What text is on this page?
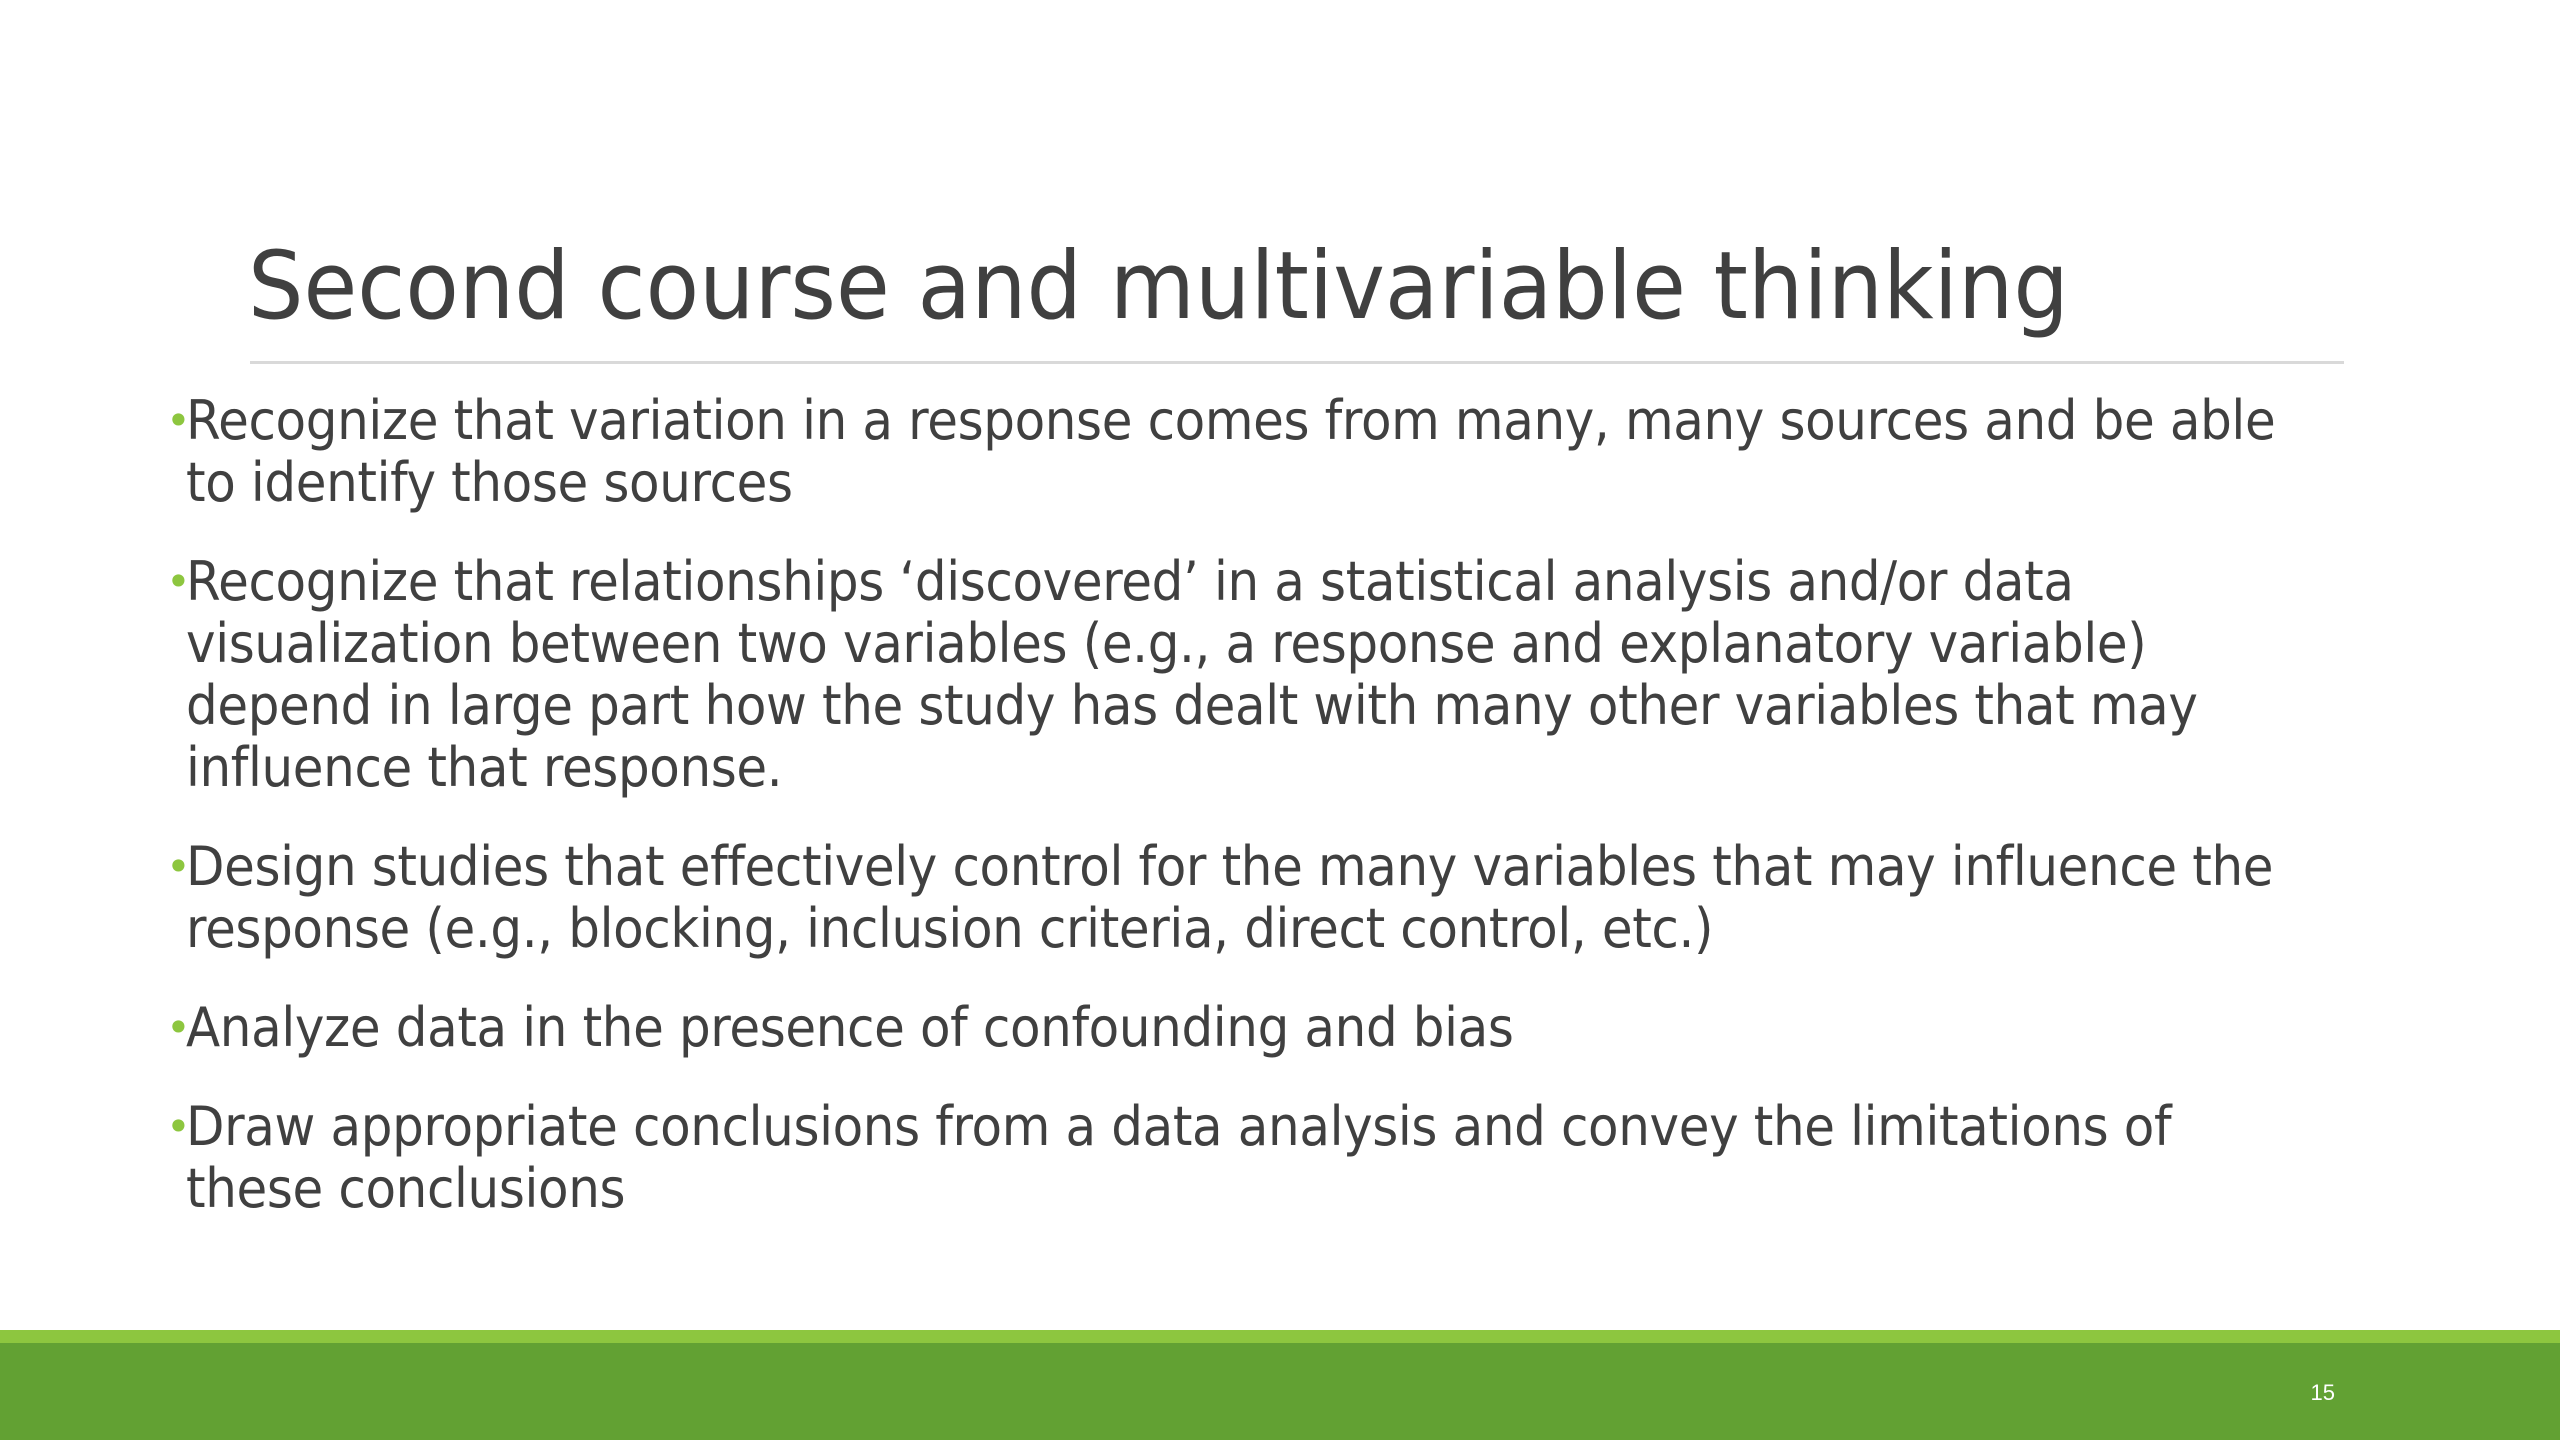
Second course and multivariable thinking
•
Recognize that variation in a response comes from many, many sources and be able to identify those sources
•
Recognize that relationships ‘discovered’ in a statistical analysis and/or data visualization between two variables (e.g., a response and explanatory variable) depend in large part how the study has dealt with many other variables that may influence that response.
•
Design studies that effectively control for the many variables that may influence the response (e.g., blocking, inclusion criteria, direct control, etc.)
•
Analyze data in the presence of confounding and bias
•
Draw appropriate conclusions from a data analysis and convey the limitations of these conclusions
15
